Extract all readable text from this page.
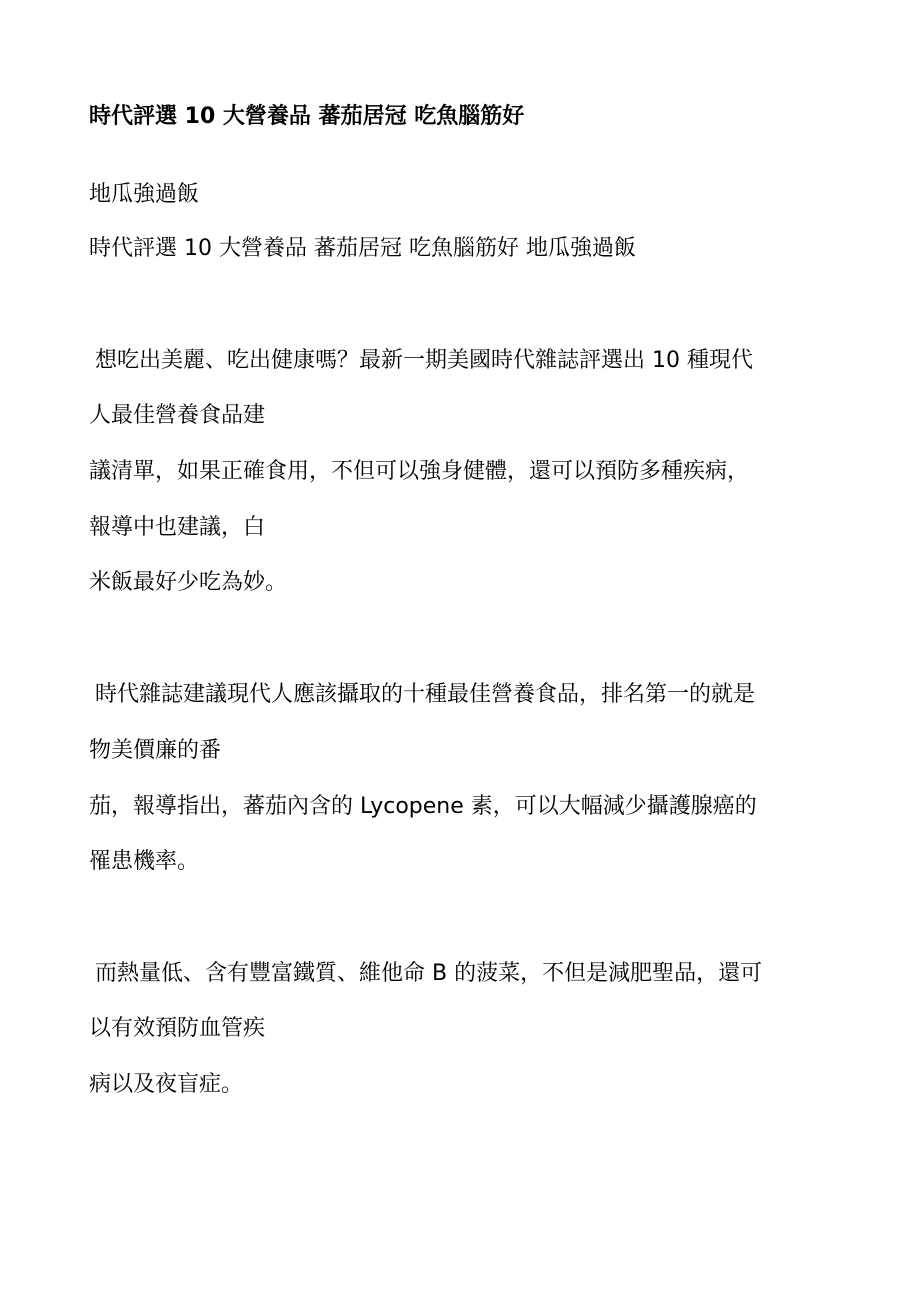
時代評選 10 大營養品 蕃茄居冠 吃魚腦筋好
地瓜強過飯
時代評選 10 大營養品 蕃茄居冠 吃魚腦筋好 地瓜強過飯
想吃出美麗、吃出健康嗎？最新一期美國時代雜誌評選出 10 種現代
人最佳營養食品建
議清單，如果正確食用，不但可以強身健體，還可以預防多種疾病，
報導中也建議，白
米飯最好少吃為妙。
時代雜誌建議現代人應該攝取的十種最佳營養食品，排名第一的就是
物美價廉的番
茄，報導指出，蕃茄內含的 Lycopene 素，可以大幅減少攝護腺癌的
罹患機率。
而熱量低、含有豐富鐵質、維他命 B 的菠菜，不但是減肥聖品，還可
以有效預防血管疾
病以及夜盲症。
